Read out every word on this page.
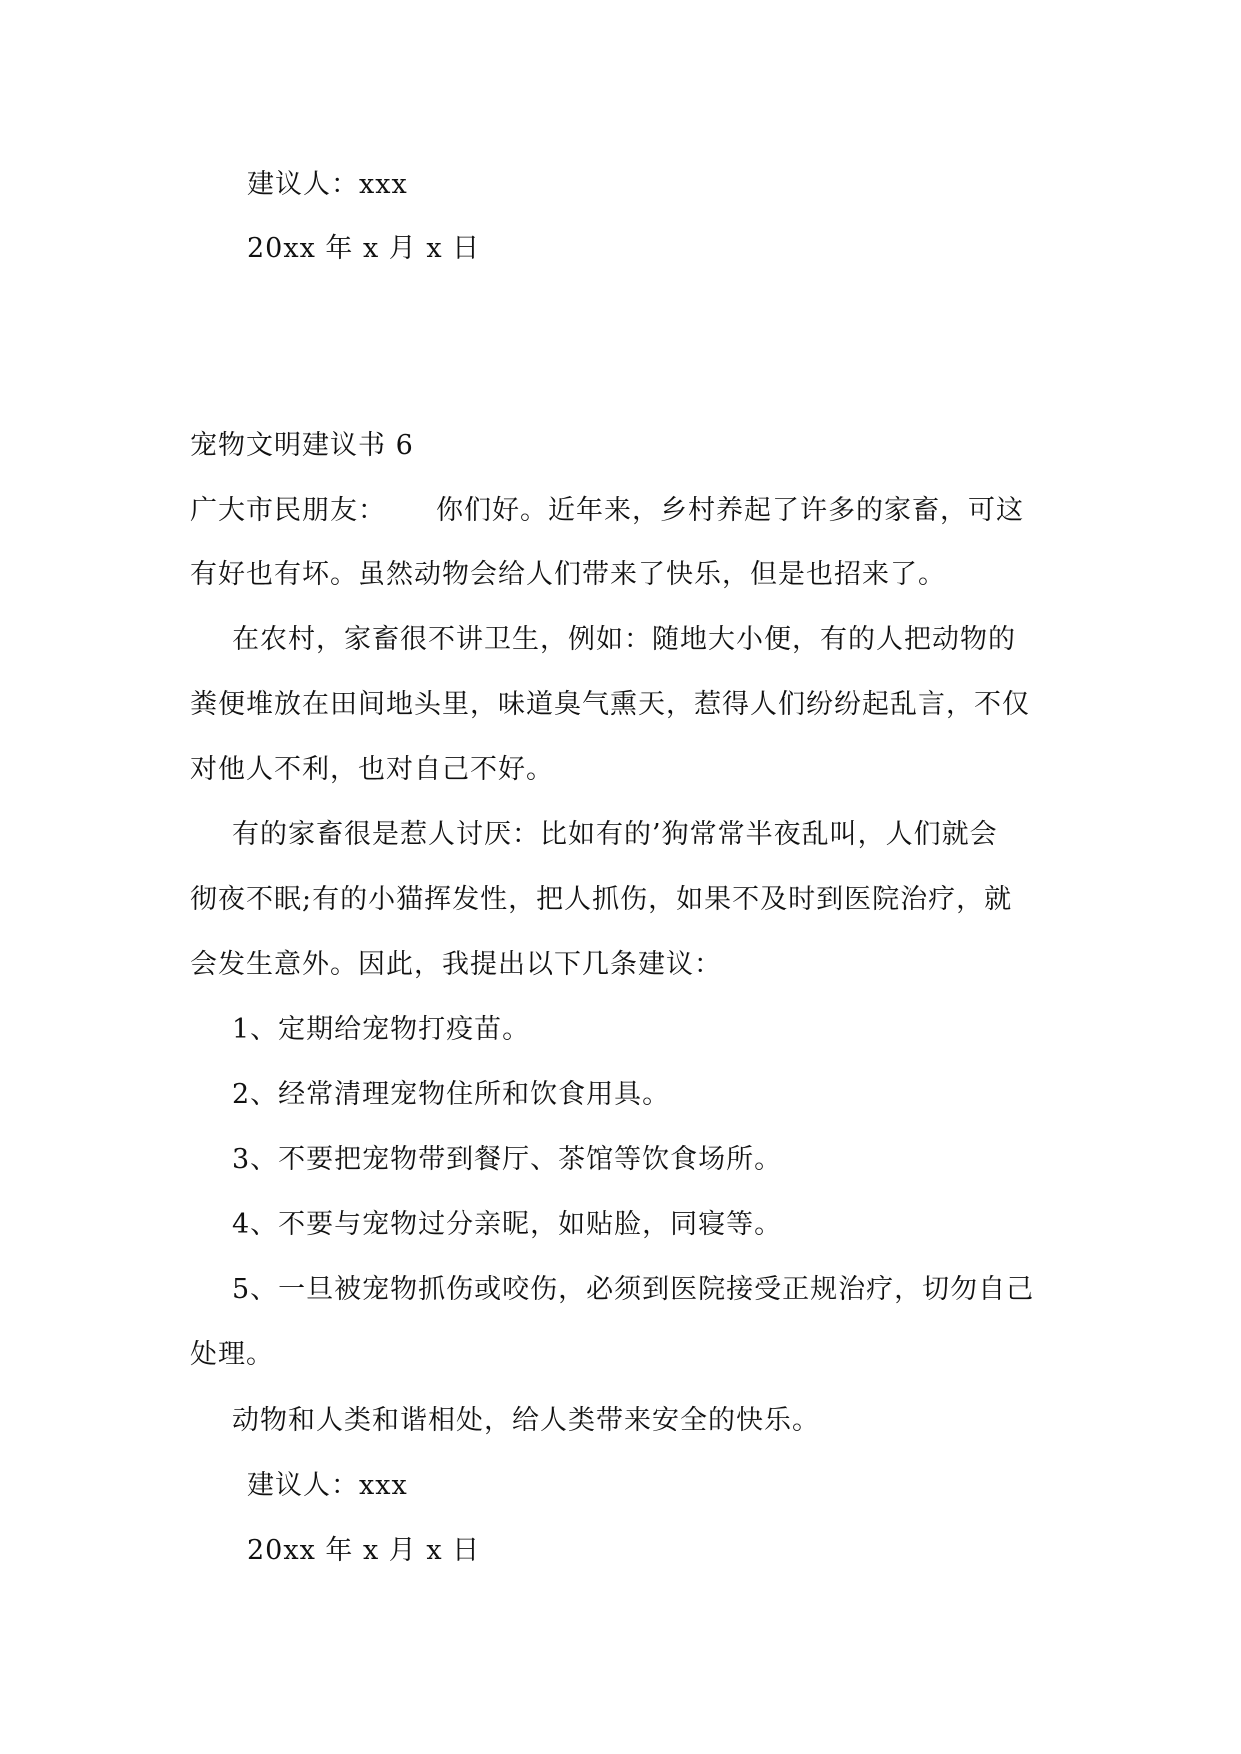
建议人：xxx
20xx 年 x 月 x 日
宠物文明建议书 6
广大市民朋友： 你们好。近年来，乡村养起了许多的家畜，可这
有好也有坏。虽然动物会给人们带来了快乐，但是也招来了。
在农村，家畜很不讲卫生，例如：随地大小便，有的人把动物的
粪便堆放在田间地头里，味道臭气熏天，惹得人们纷纷起乱言，不仅
对他人不利，也对自己不好。
有的家畜很是惹人讨厌：比如有的’狗常常半夜乱叫，人们就会
彻夜不眠;有的小猫挥发性，把人抓伤，如果不及时到医院治疗，就
会发生意外。因此，我提出以下几条建议：
1、定期给宠物打疫苗。
2、经常清理宠物住所和饮食用具。
3、不要把宠物带到餐厅、茶馆等饮食场所。
4、不要与宠物过分亲昵，如贴脸，同寝等。
5、一旦被宠物抓伤或咬伤，必须到医院接受正规治疗，切勿自己
处理。
动物和人类和谐相处，给人类带来安全的快乐。
建议人：xxx
20xx 年 x 月 x 日
